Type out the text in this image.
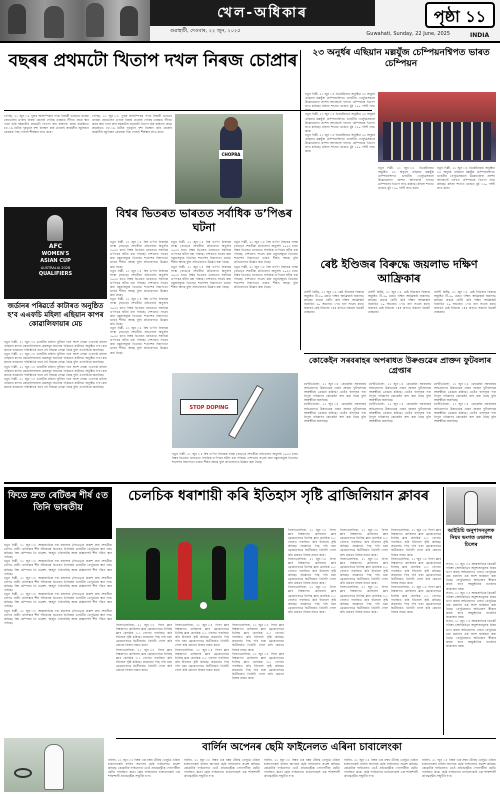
খেল-অধিকাৰ
গুৱাহাটী, দেওবাৰ, ২২ জুন, ২০২৫	Guwahati, Sunday, 22 June, 2025
পৃষ্ঠা ১১
INDIA
বছৰৰ প্ৰথমটো খিতাপ দখল নিৰজ চোপ্ৰাৰ

পেৰিছ, ২১ জুন ঃ দুবাৰ অলিম্পিকৰ পদক বিজয়ী ভাৰতৰ তাৰকা জেভেলিন থ্ৰ’য়াৰ নিৰজ চোপ্ৰাই পেৰিছ ডায়মণ্ড লীগত প্ৰথম স্থান দখল কৰি বছৰটোৰ প্ৰথমটো খিতাপ জয় কৰিলে। প্ৰথম প্ৰচেষ্টাতে ৮৮.১৬ মিটাৰ দূৰত্বলৈ বৰ্শা নিক্ষেপ কৰি চোপ্ৰাই জাৰ্মানীৰ জুলিয়ান ৱেবাৰক পিছ পেলাই শীৰ্ষস্থান লাভ কৰে।

পেৰিছ, ২১ জুন ঃ দুবাৰ অলিম্পিকৰ পদক বিজয়ী ভাৰতৰ তাৰকা জেভেলিন থ্ৰ’য়াৰ নিৰজ চোপ্ৰাই পেৰিছ ডায়মণ্ড লীগত প্ৰথম স্থান দখল কৰি বছৰটোৰ প্ৰথমটো খিতাপ জয় কৰিলে। প্ৰথম প্ৰচেষ্টাতে ৮৮.১৬ মিটাৰ দূৰত্বলৈ বৰ্শা নিক্ষেপ কৰি চোপ্ৰাই জাৰ্মানীৰ জুলিয়ান ৱেবাৰক পিছ পেলাই শীৰ্ষস্থান লাভ কৰে।

CHOPRA
২৩ অনুৰ্ধৰ এছিয়ান মল্লযুঁজ চেম্পিয়নশ্বিপত ভাৰত চেম্পিয়ন

নতুন দিল্লী, ২১ জুন ঃ ভিয়েটনামত অনুষ্ঠিত ২৩ অনুৰ্ধৰ এছিয়ান মল্লযুঁজ চেম্পিয়নশ্বিপত ভাৰতীয় খেলুৱৈসকলে উল্লেখযোগ্য প্ৰদৰ্শন আগবঢ়াই দলগত চেম্পিয়নৰ খিতাপ লাভ কৰিছে। মহিলা শাখাত ভাৰতে মুঠ ১৫০ পইণ্ট লাভ কৰে।

নতুন দিল্লী, ২১ জুন ঃ ভিয়েটনামত অনুষ্ঠিত ২৩ অনুৰ্ধৰ এছিয়ান মল্লযুঁজ চেম্পিয়নশ্বিপত ভাৰতীয় খেলুৱৈসকলে উল্লেখযোগ্য প্ৰদৰ্শন আগবঢ়াই দলগত চেম্পিয়নৰ খিতাপ লাভ কৰিছে। মহিলা শাখাত ভাৰতে মুঠ ১৫০ পইণ্ট লাভ কৰে।

নতুন দিল্লী, ২১ জুন ঃ ভিয়েটনামত অনুষ্ঠিত ২৩ অনুৰ্ধৰ এছিয়ান মল্লযুঁজ চেম্পিয়নশ্বিপত ভাৰতীয় খেলুৱৈসকলে উল্লেখযোগ্য প্ৰদৰ্শন আগবঢ়াই দলগত চেম্পিয়নৰ খিতাপ লাভ কৰিছে। মহিলা শাখাত ভাৰতে মুঠ ১৫০ পইণ্ট লাভ কৰে।

নতুন দিল্লী, ২১ জুন ঃ ভিয়েটনামত অনুষ্ঠিত ২৩ অনুৰ্ধৰ এছিয়ান মল্লযুঁজ চেম্পিয়নশ্বিপত ভাৰতীয় খেলুৱৈসকলে উল্লেখযোগ্য প্ৰদৰ্শন আগবঢ়াই দলগত চেম্পিয়নৰ খিতাপ লাভ কৰিছে। মহিলা শাখাত ভাৰতে মুঠ ১৫০ পইণ্ট লাভ কৰে।

নতুন দিল্লী, ২১ জুন ঃ ভিয়েটনামত অনুষ্ঠিত ২৩ অনুৰ্ধৰ এছিয়ান মল্লযুঁজ চেম্পিয়নশ্বিপত ভাৰতীয় খেলুৱৈসকলে উল্লেখযোগ্য প্ৰদৰ্শন আগবঢ়াই দলগত চেম্পিয়নৰ খিতাপ লাভ কৰিছে। মহিলা শাখাত ভাৰতে মুঠ ১৫০ পইণ্ট লাভ কৰে।

AFC
WOMEN'S
ASIAN CUP
AUSTRALIA 2026
QUALIFIERS
বিশ্বৰ ভিতৰত ভাৰতত সৰ্বাধিক ড’পিঙৰ ঘটনা

নতুন দিল্লী, ২১ জুন ঃ বিশ্ব ড’পিং নিবাৰক সংস্থা (বাডা)ৰ শেহতীয়া প্ৰতিবেদন অনুসৰি ২০২৩ চনত বিশ্বৰ ভিতৰত ভাৰততে সৰ্বাধিক ড’পিঙৰ ঘটনা ধৰা পৰিছে। দেশখনত সংগ্ৰহ কৰা নমুনাসমূহৰ ভিতৰত শতাংশৰ হিচাপতো ভাৰত শীৰ্ষত আছে বুলি প্ৰতিবেদনত উল্লেখ কৰা হৈছে।

নতুন দিল্লী, ২১ জুন ঃ বিশ্ব ড’পিং নিবাৰক সংস্থা (বাডা)ৰ শেহতীয়া প্ৰতিবেদন অনুসৰি ২০২৩ চনত বিশ্বৰ ভিতৰত ভাৰততে সৰ্বাধিক ড’পিঙৰ ঘটনা ধৰা পৰিছে। দেশখনত সংগ্ৰহ কৰা নমুনাসমূহৰ ভিতৰত শতাংশৰ হিচাপতো ভাৰত শীৰ্ষত আছে বুলি প্ৰতিবেদনত উল্লেখ কৰা হৈছে।

নতুন দিল্লী, ২১ জুন ঃ বিশ্ব ড’পিং নিবাৰক সংস্থা (বাডা)ৰ শেহতীয়া প্ৰতিবেদন অনুসৰি ২০২৩ চনত বিশ্বৰ ভিতৰত ভাৰততে সৰ্বাধিক ড’পিঙৰ ঘটনা ধৰা পৰিছে। দেশখনত সংগ্ৰহ কৰা নমুনাসমূহৰ ভিতৰত শতাংশৰ হিচাপতো ভাৰত শীৰ্ষত আছে বুলি প্ৰতিবেদনত উল্লেখ কৰা হৈছে।

নতুন দিল্লী, ২১ জুন ঃ বিশ্ব ড’পিং নিবাৰক সংস্থা (বাডা)ৰ শেহতীয়া প্ৰতিবেদন অনুসৰি ২০২৩ চনত বিশ্বৰ ভিতৰত ভাৰততে সৰ্বাধিক ড’পিঙৰ ঘটনা ধৰা পৰিছে। দেশখনত সংগ্ৰহ কৰা নমুনাসমূহৰ ভিতৰত শতাংশৰ হিচাপতো ভাৰত শীৰ্ষত আছে বুলি প্ৰতিবেদনত উল্লেখ কৰা হৈছে।

নতুন দিল্লী, ২১ জুন ঃ বিশ্ব ড’পিং নিবাৰক সংস্থা (বাডা)ৰ শেহতীয়া প্ৰতিবেদন অনুসৰি ২০২৩ চনত বিশ্বৰ ভিতৰত ভাৰততে সৰ্বাধিক ড’পিঙৰ ঘটনা ধৰা পৰিছে। দেশখনত সংগ্ৰহ কৰা নমুনাসমূহৰ ভিতৰত শতাংশৰ হিচাপতো ভাৰত শীৰ্ষত আছে বুলি প্ৰতিবেদনত উল্লেখ কৰা হৈছে।

নতুন দিল্লী, ২১ জুন ঃ বিশ্ব ড’পিং নিবাৰক সংস্থা (বাডা)ৰ শেহতীয়া প্ৰতিবেদন অনুসৰি ২০২৩ চনত বিশ্বৰ ভিতৰত ভাৰততে সৰ্বাধিক ড’পিঙৰ ঘটনা ধৰা পৰিছে। দেশখনত সংগ্ৰহ কৰা নমুনাসমূহৰ ভিতৰত শতাংশৰ হিচাপতো ভাৰত শীৰ্ষত আছে বুলি প্ৰতিবেদনত উল্লেখ কৰা হৈছে।

নতুন দিল্লী, ২১ জুন ঃ বিশ্ব ড’পিং নিবাৰক সংস্থা (বাডা)ৰ শেহতীয়া প্ৰতিবেদন অনুসৰি ২০২৩ চনত বিশ্বৰ ভিতৰত ভাৰততে সৰ্বাধিক ড’পিঙৰ ঘটনা ধৰা পৰিছে। দেশখনত সংগ্ৰহ কৰা নমুনাসমূহৰ ভিতৰত শতাংশৰ হিচাপতো ভাৰত শীৰ্ষত আছে বুলি প্ৰতিবেদনত উল্লেখ কৰা হৈছে।

নতুন দিল্লী, ২১ জুন ঃ বিশ্ব ড’পিং নিবাৰক সংস্থা (বাডা)ৰ শেহতীয়া প্ৰতিবেদন অনুসৰি ২০২৩ চনত বিশ্বৰ ভিতৰত ভাৰততে সৰ্বাধিক ড’পিঙৰ ঘটনা ধৰা পৰিছে। দেশখনত সংগ্ৰহ কৰা নমুনাসমূহৰ ভিতৰত শতাংশৰ হিচাপতো ভাৰত শীৰ্ষত আছে বুলি প্ৰতিবেদনত উল্লেখ কৰা হৈছে।

STOP DOPING

নতুন দিল্লী, ২১ জুন ঃ বিশ্ব ড’পিং নিবাৰক সংস্থা (বাডা)ৰ শেহতীয়া প্ৰতিবেদন অনুসৰি ২০২৩ চনত বিশ্বৰ ভিতৰত ভাৰততে সৰ্বাধিক ড’পিঙৰ ঘটনা ধৰা পৰিছে। দেশখনত সংগ্ৰহ কৰা নমুনাসমূহৰ ভিতৰত শতাংশৰ হিচাপতো ভাৰত শীৰ্ষত আছে বুলি প্ৰতিবেদনত উল্লেখ কৰা হৈছে।

ৰেষ্ট ইণ্ডিজৰ বিৰুদ্ধে জয়লাভ দক্ষিণ আফ্ৰিকাৰ

চেইণ্ট কিটছ, ২১ জুন ঃ ৱেষ্ট ইণ্ডিজৰ বিৰুদ্ধে অনুষ্ঠিত টি-২০ মেচত দক্ষিণ আফ্ৰিকাই জয়লাভ কৰিছে। প্ৰথমে বেটিং কৰি দক্ষিণ আফ্ৰিকাই নিৰ্ধাৰিত ২০ অভাৰত ১৭৪ ৰাণ সংগ্ৰহ কৰে। জবাবত ৱেষ্ট ইণ্ডিজে ১৪৪ ৰাণতে সকলো ৱিকেট হেৰুৱায়।

চেইণ্ট কিটছ, ২১ জুন ঃ ৱেষ্ট ইণ্ডিজৰ বিৰুদ্ধে অনুষ্ঠিত টি-২০ মেচত দক্ষিণ আফ্ৰিকাই জয়লাভ কৰিছে। প্ৰথমে বেটিং কৰি দক্ষিণ আফ্ৰিকাই নিৰ্ধাৰিত ২০ অভাৰত ১৭৪ ৰাণ সংগ্ৰহ কৰে। জবাবত ৱেষ্ট ইণ্ডিজে ১৪৪ ৰাণতে সকলো ৱিকেট হেৰুৱায়।

চেইণ্ট কিটছ, ২১ জুন ঃ ৱেষ্ট ইণ্ডিজৰ বিৰুদ্ধে অনুষ্ঠিত টি-২০ মেচত দক্ষিণ আফ্ৰিকাই জয়লাভ কৰিছে। প্ৰথমে বেটিং কৰি দক্ষিণ আফ্ৰিকাই নিৰ্ধাৰিত ২০ অভাৰত ১৭৪ ৰাণ সংগ্ৰহ কৰে। জবাবত ৱেষ্ট ইণ্ডিজে ১৪৪ ৰাণতে সকলো ৱিকেট হেৰুৱায়।

জৰ্ডানৰ পৰিৱৰ্তে কাটাৰত অনুষ্ঠিত হ’ব এএফচি মহিলা এছিয়ান কাপৰ কোৱালিফায়াৰ মেচ

নতুন দিল্লী, ২১ জুন ঃ ভাৰতীয় মহিলা ফুটবল দলে অংশ লোৱা এএফচি মহিলা এছিয়ান কাপৰ কোৱালিফায়াৰ মেচসমূহ জৰ্ডানৰ পৰিৱৰ্তে কাটাৰত অনুষ্ঠিত হ’ব। মধ্য প্ৰাচ্যৰ বৰ্তমানৰ পৰিস্থিতিৰ বাবে এই সিদ্ধান্ত লোৱা হৈছে বুলি এএফচিয়ে জনাইছে।

নতুন দিল্লী, ২১ জুন ঃ ভাৰতীয় মহিলা ফুটবল দলে অংশ লোৱা এএফচি মহিলা এছিয়ান কাপৰ কোৱালিফায়াৰ মেচসমূহ জৰ্ডানৰ পৰিৱৰ্তে কাটাৰত অনুষ্ঠিত হ’ব। মধ্য প্ৰাচ্যৰ বৰ্তমানৰ পৰিস্থিতিৰ বাবে এই সিদ্ধান্ত লোৱা হৈছে বুলি এএফচিয়ে জনাইছে।

নতুন দিল্লী, ২১ জুন ঃ ভাৰতীয় মহিলা ফুটবল দলে অংশ লোৱা এএফচি মহিলা এছিয়ান কাপৰ কোৱালিফায়াৰ মেচসমূহ জৰ্ডানৰ পৰিৱৰ্তে কাটাৰত অনুষ্ঠিত হ’ব। মধ্য প্ৰাচ্যৰ বৰ্তমানৰ পৰিস্থিতিৰ বাবে এই সিদ্ধান্ত লোৱা হৈছে বুলি এএফচিয়ে জনাইছে।

নতুন দিল্লী, ২১ জুন ঃ ভাৰতীয় মহিলা ফুটবল দলে অংশ লোৱা এএফচি মহিলা এছিয়ান কাপৰ কোৱালিফায়াৰ মেচসমূহ জৰ্ডানৰ পৰিৱৰ্তে কাটাৰত অনুষ্ঠিত হ’ব। মধ্য প্ৰাচ্যৰ বৰ্তমানৰ পৰিস্থিতিৰ বাবে এই সিদ্ধান্ত লোৱা হৈছে বুলি এএফচিয়ে জনাইছে।

কোকেইন সৰবৰাহৰ অপৰাধত উৰুগুৱেৰ প্ৰাক্তন ফুটবলাৰ গ্ৰেপ্তাৰ

মণ্টেভিডিঅ’, ২১ জুন ঃ কোকেইন সৰবৰাহৰ অভিযোগত উৰুগুৱেৰ এজন প্ৰাক্তন ফুটবলাৰক আৰক্ষীয়ে গ্ৰেপ্তাৰ কৰিছে। তেওঁৰ বাসগৃহৰ পৰা বিপুল পৰিমাণৰ কোকেইন জব্দ কৰা হৈছে বুলি আৰক্ষীয়ে জনাইছে।

মণ্টেভিডিঅ’, ২১ জুন ঃ কোকেইন সৰবৰাহৰ অভিযোগত উৰুগুৱেৰ এজন প্ৰাক্তন ফুটবলাৰক আৰক্ষীয়ে গ্ৰেপ্তাৰ কৰিছে। তেওঁৰ বাসগৃহৰ পৰা বিপুল পৰিমাণৰ কোকেইন জব্দ কৰা হৈছে বুলি আৰক্ষীয়ে জনাইছে।

মণ্টেভিডিঅ’, ২১ জুন ঃ কোকেইন সৰবৰাহৰ অভিযোগত উৰুগুৱেৰ এজন প্ৰাক্তন ফুটবলাৰক আৰক্ষীয়ে গ্ৰেপ্তাৰ কৰিছে। তেওঁৰ বাসগৃহৰ পৰা বিপুল পৰিমাণৰ কোকেইন জব্দ কৰা হৈছে বুলি আৰক্ষীয়ে জনাইছে।

মণ্টেভিডিঅ’, ২১ জুন ঃ কোকেইন সৰবৰাহৰ অভিযোগত উৰুগুৱেৰ এজন প্ৰাক্তন ফুটবলাৰক আৰক্ষীয়ে গ্ৰেপ্তাৰ কৰিছে। তেওঁৰ বাসগৃহৰ পৰা বিপুল পৰিমাণৰ কোকেইন জব্দ কৰা হৈছে বুলি আৰক্ষীয়ে জনাইছে।

মণ্টেভিডিঅ’, ২১ জুন ঃ কোকেইন সৰবৰাহৰ অভিযোগত উৰুগুৱেৰ এজন প্ৰাক্তন ফুটবলাৰক আৰক্ষীয়ে গ্ৰেপ্তাৰ কৰিছে। তেওঁৰ বাসগৃহৰ পৰা বিপুল পৰিমাণৰ কোকেইন জব্দ কৰা হৈছে বুলি আৰক্ষীয়ে জনাইছে।

মণ্টেভিডিঅ’, ২১ জুন ঃ কোকেইন সৰবৰাহৰ অভিযোগত উৰুগুৱেৰ এজন প্ৰাক্তন ফুটবলাৰক আৰক্ষীয়ে গ্ৰেপ্তাৰ কৰিছে। তেওঁৰ বাসগৃহৰ পৰা বিপুল পৰিমাণৰ কোকেইন জব্দ কৰা হৈছে বুলি আৰক্ষীয়ে জনাইছে।

ফিডে দ্ৰুত ৰেটিঙৰ শীৰ্ষ ৫ত তিনি ভাৰতীয়

নতুন দিল্লী, ২১ জুন ঃ আন্তৰ্জাতিক দবা মহাসংঘ (ফিডে)য়ে প্ৰকাশ কৰা শেহতীয়া ৰেপিড ৰেটিং তালিকাৰ শীৰ্ষ পাঁচজনৰ ভিতৰত তিনিজন ভাৰতীয় খেলুৱৈয়ে স্থান লাভ কৰিছে। বিশ্ব চেম্পিয়ন ডি গুকেশ, অৰ্জুন এৰিগাইছি আৰু প্ৰজ্ঞানন্দই শীৰ্ষ পাঁচত স্থান পাইছে।

নতুন দিল্লী, ২১ জুন ঃ আন্তৰ্জাতিক দবা মহাসংঘ (ফিডে)য়ে প্ৰকাশ কৰা শেহতীয়া ৰেপিড ৰেটিং তালিকাৰ শীৰ্ষ পাঁচজনৰ ভিতৰত তিনিজন ভাৰতীয় খেলুৱৈয়ে স্থান লাভ কৰিছে। বিশ্ব চেম্পিয়ন ডি গুকেশ, অৰ্জুন এৰিগাইছি আৰু প্ৰজ্ঞানন্দই শীৰ্ষ পাঁচত স্থান পাইছে।

নতুন দিল্লী, ২১ জুন ঃ আন্তৰ্জাতিক দবা মহাসংঘ (ফিডে)য়ে প্ৰকাশ কৰা শেহতীয়া ৰেপিড ৰেটিং তালিকাৰ শীৰ্ষ পাঁচজনৰ ভিতৰত তিনিজন ভাৰতীয় খেলুৱৈয়ে স্থান লাভ কৰিছে। বিশ্ব চেম্পিয়ন ডি গুকেশ, অৰ্জুন এৰিগাইছি আৰু প্ৰজ্ঞানন্দই শীৰ্ষ পাঁচত স্থান পাইছে।

নতুন দিল্লী, ২১ জুন ঃ আন্তৰ্জাতিক দবা মহাসংঘ (ফিডে)য়ে প্ৰকাশ কৰা শেহতীয়া ৰেপিড ৰেটিং তালিকাৰ শীৰ্ষ পাঁচজনৰ ভিতৰত তিনিজন ভাৰতীয় খেলুৱৈয়ে স্থান লাভ কৰিছে। বিশ্ব চেম্পিয়ন ডি গুকেশ, অৰ্জুন এৰিগাইছি আৰু প্ৰজ্ঞানন্দই শীৰ্ষ পাঁচত স্থান পাইছে।

নতুন দিল্লী, ২১ জুন ঃ আন্তৰ্জাতিক দবা মহাসংঘ (ফিডে)য়ে প্ৰকাশ কৰা শেহতীয়া ৰেপিড ৰেটিং তালিকাৰ শীৰ্ষ পাঁচজনৰ ভিতৰত তিনিজন ভাৰতীয় খেলুৱৈয়ে স্থান লাভ কৰিছে। বিশ্ব চেম্পিয়ন ডি গুকেশ, অৰ্জুন এৰিগাইছি আৰু প্ৰজ্ঞানন্দই শীৰ্ষ পাঁচত স্থান পাইছে।

চেলচিক ধৰাশায়ী কৰি ইতিহাস সৃষ্টি ব্ৰাজিলিয়ান ক্লাবৰ

ফিলাডেলফিয়া, ২১ জুন ঃ ফিফা ক্লাব বিশ্বকাপত ব্ৰাজিলৰ ক্লাব ফ্লেমেংগোৱে ইংলিছ ক্লাব চেলচিক ৩-১ গোলত পৰাজিত কৰি ইতিহাস সৃষ্টি কৰিছে। প্ৰথমাৰ্ধত পিছ পৰি থকা ফ্লেমেংগোৱে দ্বিতীয়াৰ্ধত তিনিটা গোল কৰি মেচখন নিজৰ নামত কৰে।

ফিলাডেলফিয়া, ২১ জুন ঃ ফিফা ক্লাব বিশ্বকাপত ব্ৰাজিলৰ ক্লাব ফ্লেমেংগোৱে ইংলিছ ক্লাব চেলচিক ৩-১ গোলত পৰাজিত কৰি ইতিহাস সৃষ্টি কৰিছে। প্ৰথমাৰ্ধত পিছ পৰি থকা ফ্লেমেংগোৱে দ্বিতীয়াৰ্ধত তিনিটা গোল কৰি মেচখন নিজৰ নামত কৰে।

ফিলাডেলফিয়া, ২১ জুন ঃ ফিফা ক্লাব বিশ্বকাপত ব্ৰাজিলৰ ক্লাব ফ্লেমেংগোৱে ইংলিছ ক্লাব চেলচিক ৩-১ গোলত পৰাজিত কৰি ইতিহাস সৃষ্টি কৰিছে। প্ৰথমাৰ্ধত পিছ পৰি থকা ফ্লেমেংগোৱে দ্বিতীয়াৰ্ধত তিনিটা গোল কৰি মেচখন নিজৰ নামত কৰে।

ফিলাডেলফিয়া, ২১ জুন ঃ ফিফা ক্লাব বিশ্বকাপত ব্ৰাজিলৰ ক্লাব ফ্লেমেংগোৱে ইংলিছ ক্লাব চেলচিক ৩-১ গোলত পৰাজিত কৰি ইতিহাস সৃষ্টি কৰিছে। প্ৰথমাৰ্ধত পিছ পৰি থকা ফ্লেমেংগোৱে দ্বিতীয়াৰ্ধত তিনিটা গোল কৰি মেচখন নিজৰ নামত কৰে।

ফিলাডেলফিয়া, ২১ জুন ঃ ফিফা ক্লাব বিশ্বকাপত ব্ৰাজিলৰ ক্লাব ফ্লেমেংগোৱে ইংলিছ ক্লাব চেলচিক ৩-১ গোলত পৰাজিত কৰি ইতিহাস সৃষ্টি কৰিছে। প্ৰথমাৰ্ধত পিছ পৰি থকা ফ্লেমেংগোৱে দ্বিতীয়াৰ্ধত তিনিটা গোল কৰি মেচখন নিজৰ নামত কৰে।

ফিলাডেলফিয়া, ২১ জুন ঃ ফিফা ক্লাব বিশ্বকাপত ব্ৰাজিলৰ ক্লাব ফ্লেমেংগোৱে ইংলিছ ক্লাব চেলচিক ৩-১ গোলত পৰাজিত কৰি ইতিহাস সৃষ্টি কৰিছে। প্ৰথমাৰ্ধত পিছ পৰি থকা ফ্লেমেংগোৱে দ্বিতীয়াৰ্ধত তিনিটা গোল কৰি মেচখন নিজৰ নামত কৰে।

ফিলাডেলফিয়া, ২১ জুন ঃ ফিফা ক্লাব বিশ্বকাপত ব্ৰাজিলৰ ক্লাব ফ্লেমেংগোৱে ইংলিছ ক্লাব চেলচিক ৩-১ গোলত পৰাজিত কৰি ইতিহাস সৃষ্টি কৰিছে। প্ৰথমাৰ্ধত পিছ পৰি থকা ফ্লেমেংগোৱে দ্বিতীয়াৰ্ধত তিনিটা গোল কৰি মেচখন নিজৰ নামত কৰে।

ফিলাডেলফিয়া, ২১ জুন ঃ ফিফা ক্লাব বিশ্বকাপত ব্ৰাজিলৰ ক্লাব ফ্লেমেংগোৱে ইংলিছ ক্লাব চেলচিক ৩-১ গোলত পৰাজিত কৰি ইতিহাস সৃষ্টি কৰিছে। প্ৰথমাৰ্ধত পিছ পৰি থকা ফ্লেমেংগোৱে দ্বিতীয়াৰ্ধত তিনিটা গোল কৰি মেচখন নিজৰ নামত কৰে।

ফিলাডেলফিয়া, ২১ জুন ঃ ফিফা ক্লাব বিশ্বকাপত ব্ৰাজিলৰ ক্লাব ফ্লেমেংগোৱে ইংলিছ ক্লাব চেলচিক ৩-১ গোলত পৰাজিত কৰি ইতিহাস সৃষ্টি কৰিছে। প্ৰথমাৰ্ধত পিছ পৰি থকা ফ্লেমেংগোৱে দ্বিতীয়াৰ্ধত তিনিটা গোল কৰি মেচখন নিজৰ নামত কৰে।

ফিলাডেলফিয়া, ২১ জুন ঃ ফিফা ক্লাব বিশ্বকাপত ব্ৰাজিলৰ ক্লাব ফ্লেমেংগোৱে ইংলিছ ক্লাব চেলচিক ৩-১ গোলত পৰাজিত কৰি ইতিহাস সৃষ্টি কৰিছে। প্ৰথমাৰ্ধত পিছ পৰি থকা ফ্লেমেংগোৱে দ্বিতীয়াৰ্ধত তিনিটা গোল কৰি মেচখন নিজৰ নামত কৰে।

ফিলাডেলফিয়া, ২১ জুন ঃ ফিফা ক্লাব বিশ্বকাপত ব্ৰাজিলৰ ক্লাব ফ্লেমেংগোৱে ইংলিছ ক্লাব চেলচিক ৩-১ গোলত পৰাজিত কৰি ইতিহাস সৃষ্টি কৰিছে। প্ৰথমাৰ্ধত পিছ পৰি থকা ফ্লেমেংগোৱে দ্বিতীয়াৰ্ধত তিনিটা গোল কৰি মেচখন নিজৰ নামত কৰে।

ফিলাডেলফিয়া, ২১ জুন ঃ ফিফা ক্লাব বিশ্বকাপত ব্ৰাজিলৰ ক্লাব ফ্লেমেংগোৱে ইংলিছ ক্লাব চেলচিক ৩-১ গোলত পৰাজিত কৰি ইতিহাস সৃষ্টি কৰিছে। প্ৰথমাৰ্ধত পিছ পৰি থকা ফ্লেমেংগোৱে দ্বিতীয়াৰ্ধত তিনিটা গোল কৰি মেচখন নিজৰ নামত কৰে।

ফিলাডেলফিয়া, ২১ জুন ঃ ফিফা ক্লাব বিশ্বকাপত ব্ৰাজিলৰ ক্লাব ফ্লেমেংগোৱে ইংলিছ ক্লাব চেলচিক ৩-১ গোলত পৰাজিত কৰি ইতিহাস সৃষ্টি কৰিছে। প্ৰথমাৰ্ধত পিছ পৰি থকা ফ্লেমেংগোৱে দ্বিতীয়াৰ্ধত তিনিটা গোল কৰি মেচখন নিজৰ নামত কৰে।

ফিলাডেলফিয়া, ২১ জুন ঃ ফিফা ক্লাব বিশ্বকাপত ব্ৰাজিলৰ ক্লাব ফ্লেমেংগোৱে ইংলিছ ক্লাব চেলচিক ৩-১ গোলত পৰাজিত কৰি ইতিহাস সৃষ্টি কৰিছে। প্ৰথমাৰ্ধত পিছ পৰি থকা ফ্লেমেংগোৱে দ্বিতীয়াৰ্ধত তিনিটা গোল কৰি মেচখন নিজৰ নামত কৰে।

ফিলাডেলফিয়া, ২১ জুন ঃ ফিফা ক্লাব বিশ্বকাপত ব্ৰাজিলৰ ক্লাব ফ্লেমেংগোৱে ইংলিছ ক্লাব চেলচিক ৩-১ গোলত পৰাজিত কৰি ইতিহাস সৃষ্টি কৰিছে। প্ৰথমাৰ্ধত পিছ পৰি থকা ফ্লেমেংগোৱে দ্বিতীয়াৰ্ধত তিনিটা গোল কৰি মেচখন নিজৰ নামত কৰে।

আইচিচি অনুশাসনমূলক নিয়ম ভংগত ওভালৰ ঢিলেৰ

লণ্ডন, ২১ জুন ঃ আন্তৰ্জাতিক ক্ৰিকেট পৰিষদ (আইচিচি)ৰ অনুশাসনমূলক নিয়ম ভংগ কৰাৰ অভিযোগত এজন খেলুৱৈক মেচ মাননিৰ এক অংশ জৰিমনা কৰা হৈছে। খেলুৱৈজনে অভিযোগ স্বীকাৰ কৰাৰ বাবে আনুষ্ঠানিক শুনানিৰ প্ৰয়োজন নহয়।

লণ্ডন, ২১ জুন ঃ আন্তৰ্জাতিক ক্ৰিকেট পৰিষদ (আইচিচি)ৰ অনুশাসনমূলক নিয়ম ভংগ কৰাৰ অভিযোগত এজন খেলুৱৈক মেচ মাননিৰ এক অংশ জৰিমনা কৰা হৈছে। খেলুৱৈজনে অভিযোগ স্বীকাৰ কৰাৰ বাবে আনুষ্ঠানিক শুনানিৰ প্ৰয়োজন নহয়।

লণ্ডন, ২১ জুন ঃ আন্তৰ্জাতিক ক্ৰিকেট পৰিষদ (আইচিচি)ৰ অনুশাসনমূলক নিয়ম ভংগ কৰাৰ অভিযোগত এজন খেলুৱৈক মেচ মাননিৰ এক অংশ জৰিমনা কৰা হৈছে। খেলুৱৈজনে অভিযোগ স্বীকাৰ কৰাৰ বাবে আনুষ্ঠানিক শুনানিৰ প্ৰয়োজন নহয়।

বাৰ্লিন অপেনৰ ছেমি ফাইনেলত এৰিনা চাবালেংকা

বাৰ্লিন, ২১ জুন ঃ বিশ্বৰ এক নম্বৰ টেনিছ খেলুৱৈ এৰিনা চাবালেংকাই বাৰ্লিন অপেনৰ ছেমি ফাইনেলত প্ৰৱেশ কৰিছে। কোৱাৰ্টাৰ ফাইনেলত তেওঁ প্ৰতিদ্বন্দ্বীক পোনপটীয়া ছেটত পৰাজিত কৰে। ছেমি ফাইনেলত চাবালেংকাই এক শক্তিশালী প্ৰতিদ্বন্দ্বীৰ সন্মুখীন হ’ব।

বাৰ্লিন, ২১ জুন ঃ বিশ্বৰ এক নম্বৰ টেনিছ খেলুৱৈ এৰিনা চাবালেংকাই বাৰ্লিন অপেনৰ ছেমি ফাইনেলত প্ৰৱেশ কৰিছে। কোৱাৰ্টাৰ ফাইনেলত তেওঁ প্ৰতিদ্বন্দ্বীক পোনপটীয়া ছেটত পৰাজিত কৰে। ছেমি ফাইনেলত চাবালেংকাই এক শক্তিশালী প্ৰতিদ্বন্দ্বীৰ সন্মুখীন হ’ব।

বাৰ্লিন, ২১ জুন ঃ বিশ্বৰ এক নম্বৰ টেনিছ খেলুৱৈ এৰিনা চাবালেংকাই বাৰ্লিন অপেনৰ ছেমি ফাইনেলত প্ৰৱেশ কৰিছে। কোৱাৰ্টাৰ ফাইনেলত তেওঁ প্ৰতিদ্বন্দ্বীক পোনপটীয়া ছেটত পৰাজিত কৰে। ছেমি ফাইনেলত চাবালেংকাই এক শক্তিশালী প্ৰতিদ্বন্দ্বীৰ সন্মুখীন হ’ব।

বাৰ্লিন, ২১ জুন ঃ বিশ্বৰ এক নম্বৰ টেনিছ খেলুৱৈ এৰিনা চাবালেংকাই বাৰ্লিন অপেনৰ ছেমি ফাইনেলত প্ৰৱেশ কৰিছে। কোৱাৰ্টাৰ ফাইনেলত তেওঁ প্ৰতিদ্বন্দ্বীক পোনপটীয়া ছেটত পৰাজিত কৰে। ছেমি ফাইনেলত চাবালেংকাই এক শক্তিশালী প্ৰতিদ্বন্দ্বীৰ সন্মুখীন হ’ব।

বাৰ্লিন, ২১ জুন ঃ বিশ্বৰ এক নম্বৰ টেনিছ খেলুৱৈ এৰিনা চাবালেংকাই বাৰ্লিন অপেনৰ ছেমি ফাইনেলত প্ৰৱেশ কৰিছে। কোৱাৰ্টাৰ ফাইনেলত তেওঁ প্ৰতিদ্বন্দ্বীক পোনপটীয়া ছেটত পৰাজিত কৰে। ছেমি ফাইনেলত চাবালেংকাই এক শক্তিশালী প্ৰতিদ্বন্দ্বীৰ সন্মুখীন হ’ব।
